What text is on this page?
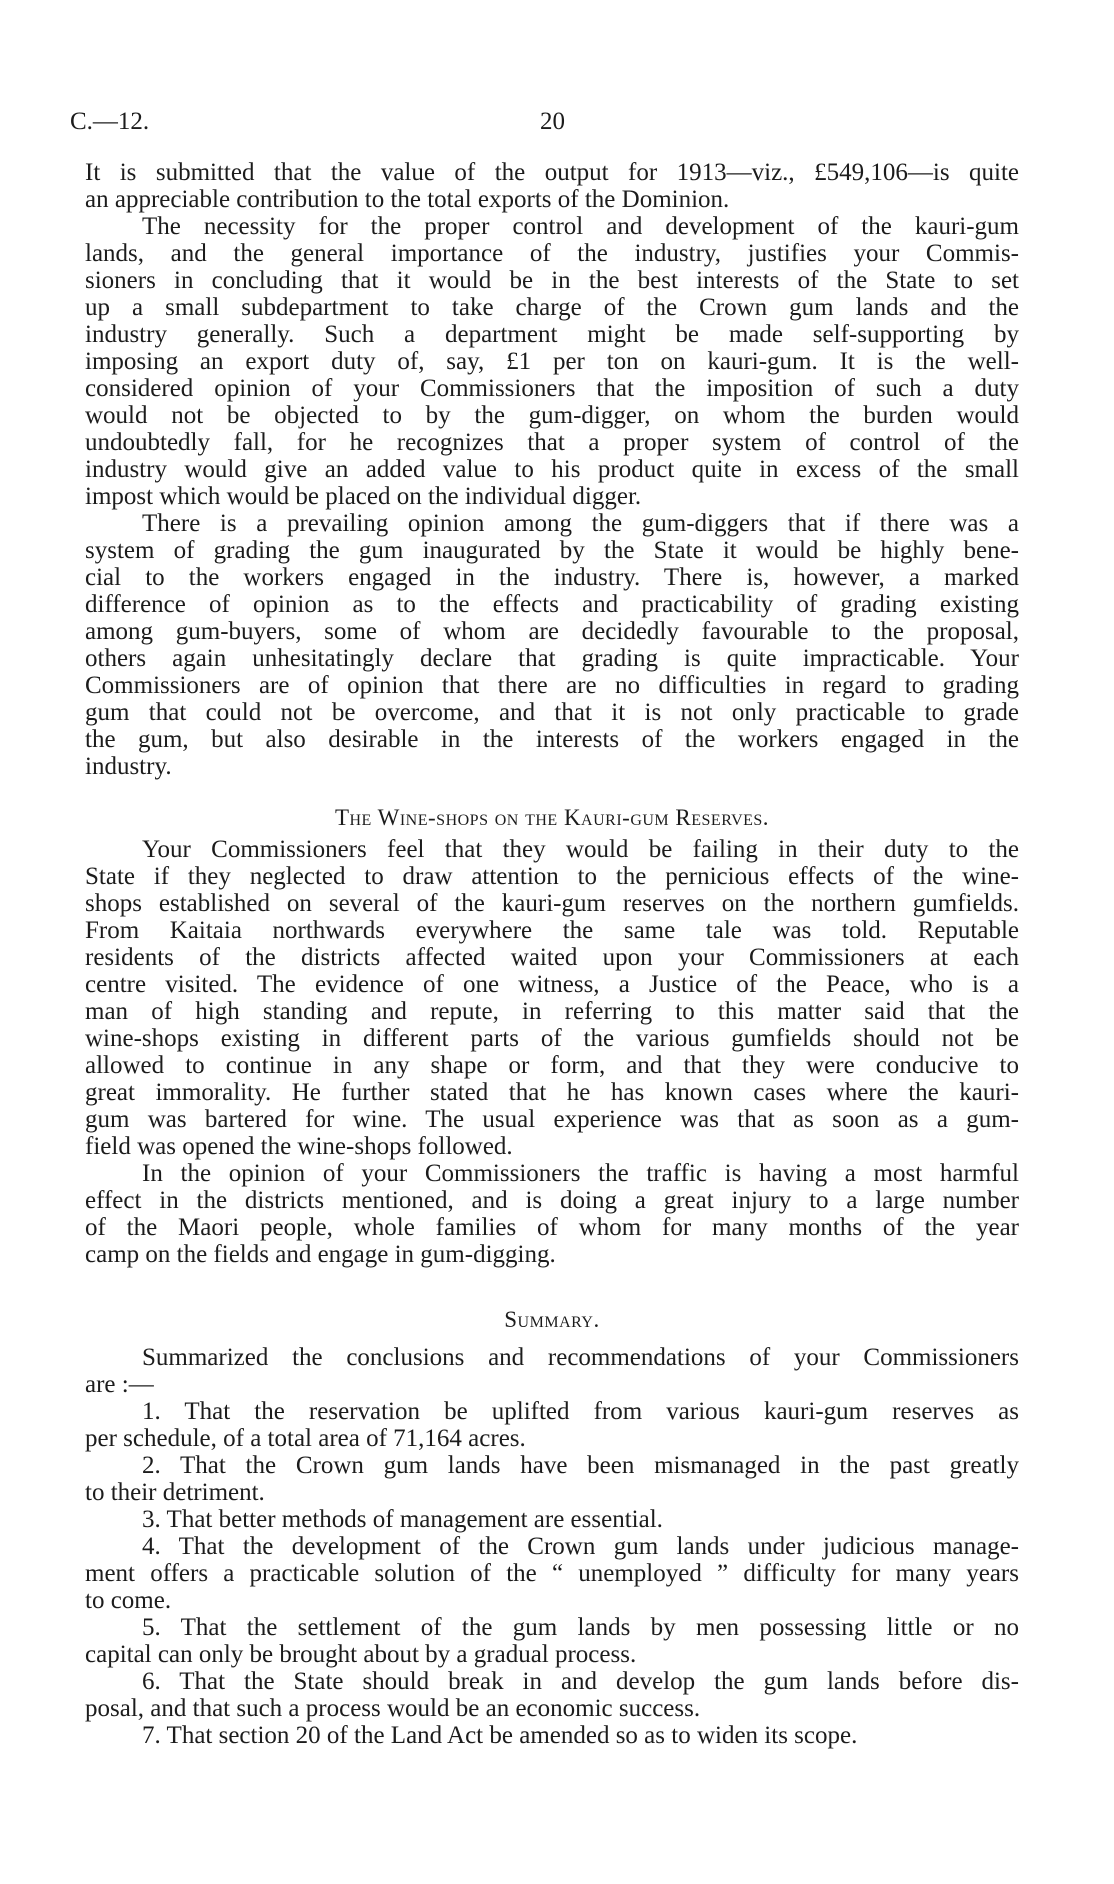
C.—12.	20
It is submitted that the value of the output for 1913—viz., £549,106—is quite
an appreciable contribution to the total exports of the Dominion.
The necessity for the proper control and development of the kauri-gum
lands, and the general importance of the industry, justifies your Commis-
sioners in concluding that it would be in the best interests of the State to set
up a small subdepartment to take charge of the Crown gum lands and the
industry generally. Such a department might be made self-supporting by
imposing an export duty of, say, £1 per ton on kauri-gum. It is the well-
considered opinion of your Commissioners that the imposition of such a duty
would not be objected to by the gum-digger, on whom the burden would
undoubtedly fall, for he recognizes that a proper system of control of the
industry would give an added value to his product quite in excess of the small
impost which would be placed on the individual digger.
There is a prevailing opinion among the gum-diggers that if there was a
system of grading the gum inaugurated by the State it would be highly bene-
cial to the workers engaged in the industry. There is, however, a marked
difference of opinion as to the effects and practicability of grading existing
among gum-buyers, some of whom are decidedly favourable to the proposal,
others again unhesitatingly declare that grading is quite impracticable. Your
Commissioners are of opinion that there are no difficulties in regard to grading
gum that could not be overcome, and that it is not only practicable to grade
the gum, but also desirable in the interests of the workers engaged in the
industry.
The Wine-shops on the Kauri-gum Reserves.
Your Commissioners feel that they would be failing in their duty to the
State if they neglected to draw attention to the pernicious effects of the wine-
shops established on several of the kauri-gum reserves on the northern gumfields.
From Kaitaia northwards everywhere the same tale was told. Reputable
residents of the districts affected waited upon your Commissioners at each
centre visited. The evidence of one witness, a Justice of the Peace, who is a
man of high standing and repute, in referring to this matter said that the
wine-shops existing in different parts of the various gumfields should not be
allowed to continue in any shape or form, and that they were conducive to
great immorality. He further stated that he has known cases where the kauri-
gum was bartered for wine. The usual experience was that as soon as a gum-
field was opened the wine-shops followed.
In the opinion of your Commissioners the traffic is having a most harmful
effect in the districts mentioned, and is doing a great injury to a large number
of the Maori people, whole families of whom for many months of the year
camp on the fields and engage in gum-digging.
Summary.
Summarized the conclusions and recommendations of your Commissioners
are :—
1. That the reservation be uplifted from various kauri-gum reserves as
per schedule, of a total area of 71,164 acres.
2. That the Crown gum lands have been mismanaged in the past greatly
to their detriment.
3. That better methods of management are essential.
4. That the development of the Crown gum lands under judicious manage-
ment offers a practicable solution of the “ unemployed ” difficulty for many years
to come.
5. That the settlement of the gum lands by men possessing little or no
capital can only be brought about by a gradual process.
6. That the State should break in and develop the gum lands before dis-
posal, and that such a process would be an economic success.
7. That section 20 of the Land Act be amended so as to widen its scope.
